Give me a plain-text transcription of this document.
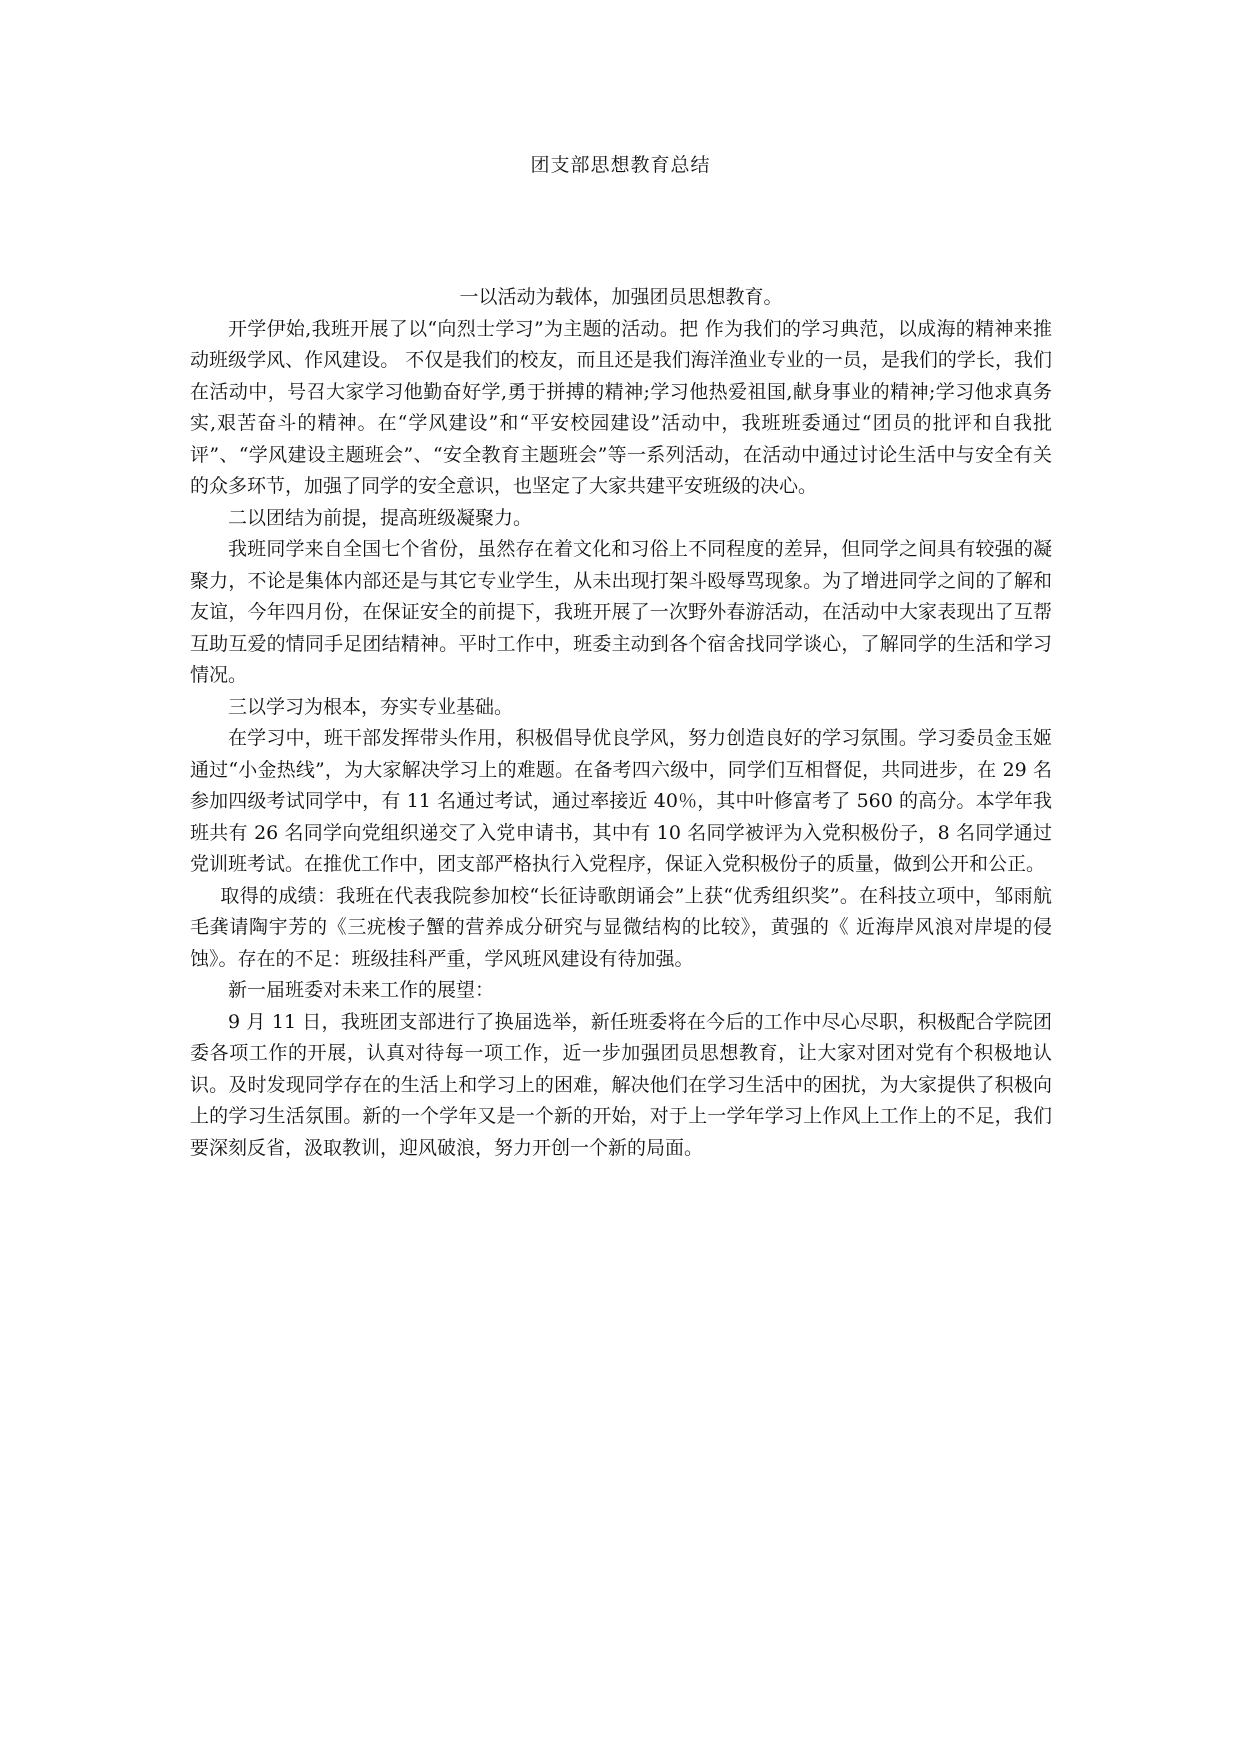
团支部思想教育总结

一以活动为载体，加强团员思想教育。

开学伊始,我班开展了以“向烈士学习”为主题的活动。把 作为我们的学习典范，以成海的精神来推动班级学风、作风建设。 不仅是我们的校友，而且还是我们海洋渔业专业的一员，是我们的学长，我们在活动中，号召大家学习他勤奋好学,勇于拼搏的精神;学习他热爱祖国,献身事业的精神;学习他求真务实,艰苦奋斗的精神。在“学风建设”和“平安校园建设”活动中，我班班委通过“团员的批评和自我批评”、“学风建设主题班会”、“安全教育主题班会”等一系列活动，在活动中通过讨论生活中与安全有关的众多环节，加强了同学的安全意识，也坚定了大家共建平安班级的决心。

二以团结为前提，提高班级凝聚力。

我班同学来自全国七个省份，虽然存在着文化和习俗上不同程度的差异，但同学之间具有较强的凝聚力，不论是集体内部还是与其它专业学生，从未出现打架斗殴辱骂现象。为了增进同学之间的了解和友谊，今年四月份，在保证安全的前提下，我班开展了一次野外春游活动，在活动中大家表现出了互帮互助互爱的情同手足团结精神。平时工作中，班委主动到各个宿舍找同学谈心，了解同学的生活和学习情况。

三以学习为根本，夯实专业基础。

在学习中，班干部发挥带头作用，积极倡导优良学风，努力创造良好的学习氛围。学习委员金玉姬通过“小金热线”，为大家解决学习上的难题。在备考四六级中，同学们互相督促，共同进步，在 29 名参加四级考试同学中，有 11 名通过考试，通过率接近 40％，其中叶修富考了 560 的高分。本学年我班共有 26 名同学向党组织递交了入党申请书，其中有 10 名同学被评为入党积极份子，8 名同学通过党训班考试。在推优工作中，团支部严格执行入党程序，保证入党积极份子的质量，做到公开和公正。

取得的成绩：我班在代表我院参加校“长征诗歌朗诵会”上获“优秀组织奖”。在科技立项中，邹雨航毛龚请陶宇芳的《三疣梭子蟹的营养成分研究与显微结构的比较》，黄强的《 近海岸风浪对岸堤的侵蚀》。存在的不足：班级挂科严重，学风班风建设有待加强。

新一届班委对未来工作的展望：

9 月 11 日，我班团支部进行了换届选举，新任班委将在今后的工作中尽心尽职，积极配合学院团委各项工作的开展，认真对待每一项工作，近一步加强团员思想教育，让大家对团对党有个积极地认识。及时发现同学存在的生活上和学习上的困难，解决他们在学习生活中的困扰，为大家提供了积极向上的学习生活氛围。新的一个学年又是一个新的开始，对于上一学年学习上作风上工作上的不足，我们要深刻反省，汲取教训，迎风破浪，努力开创一个新的局面。
